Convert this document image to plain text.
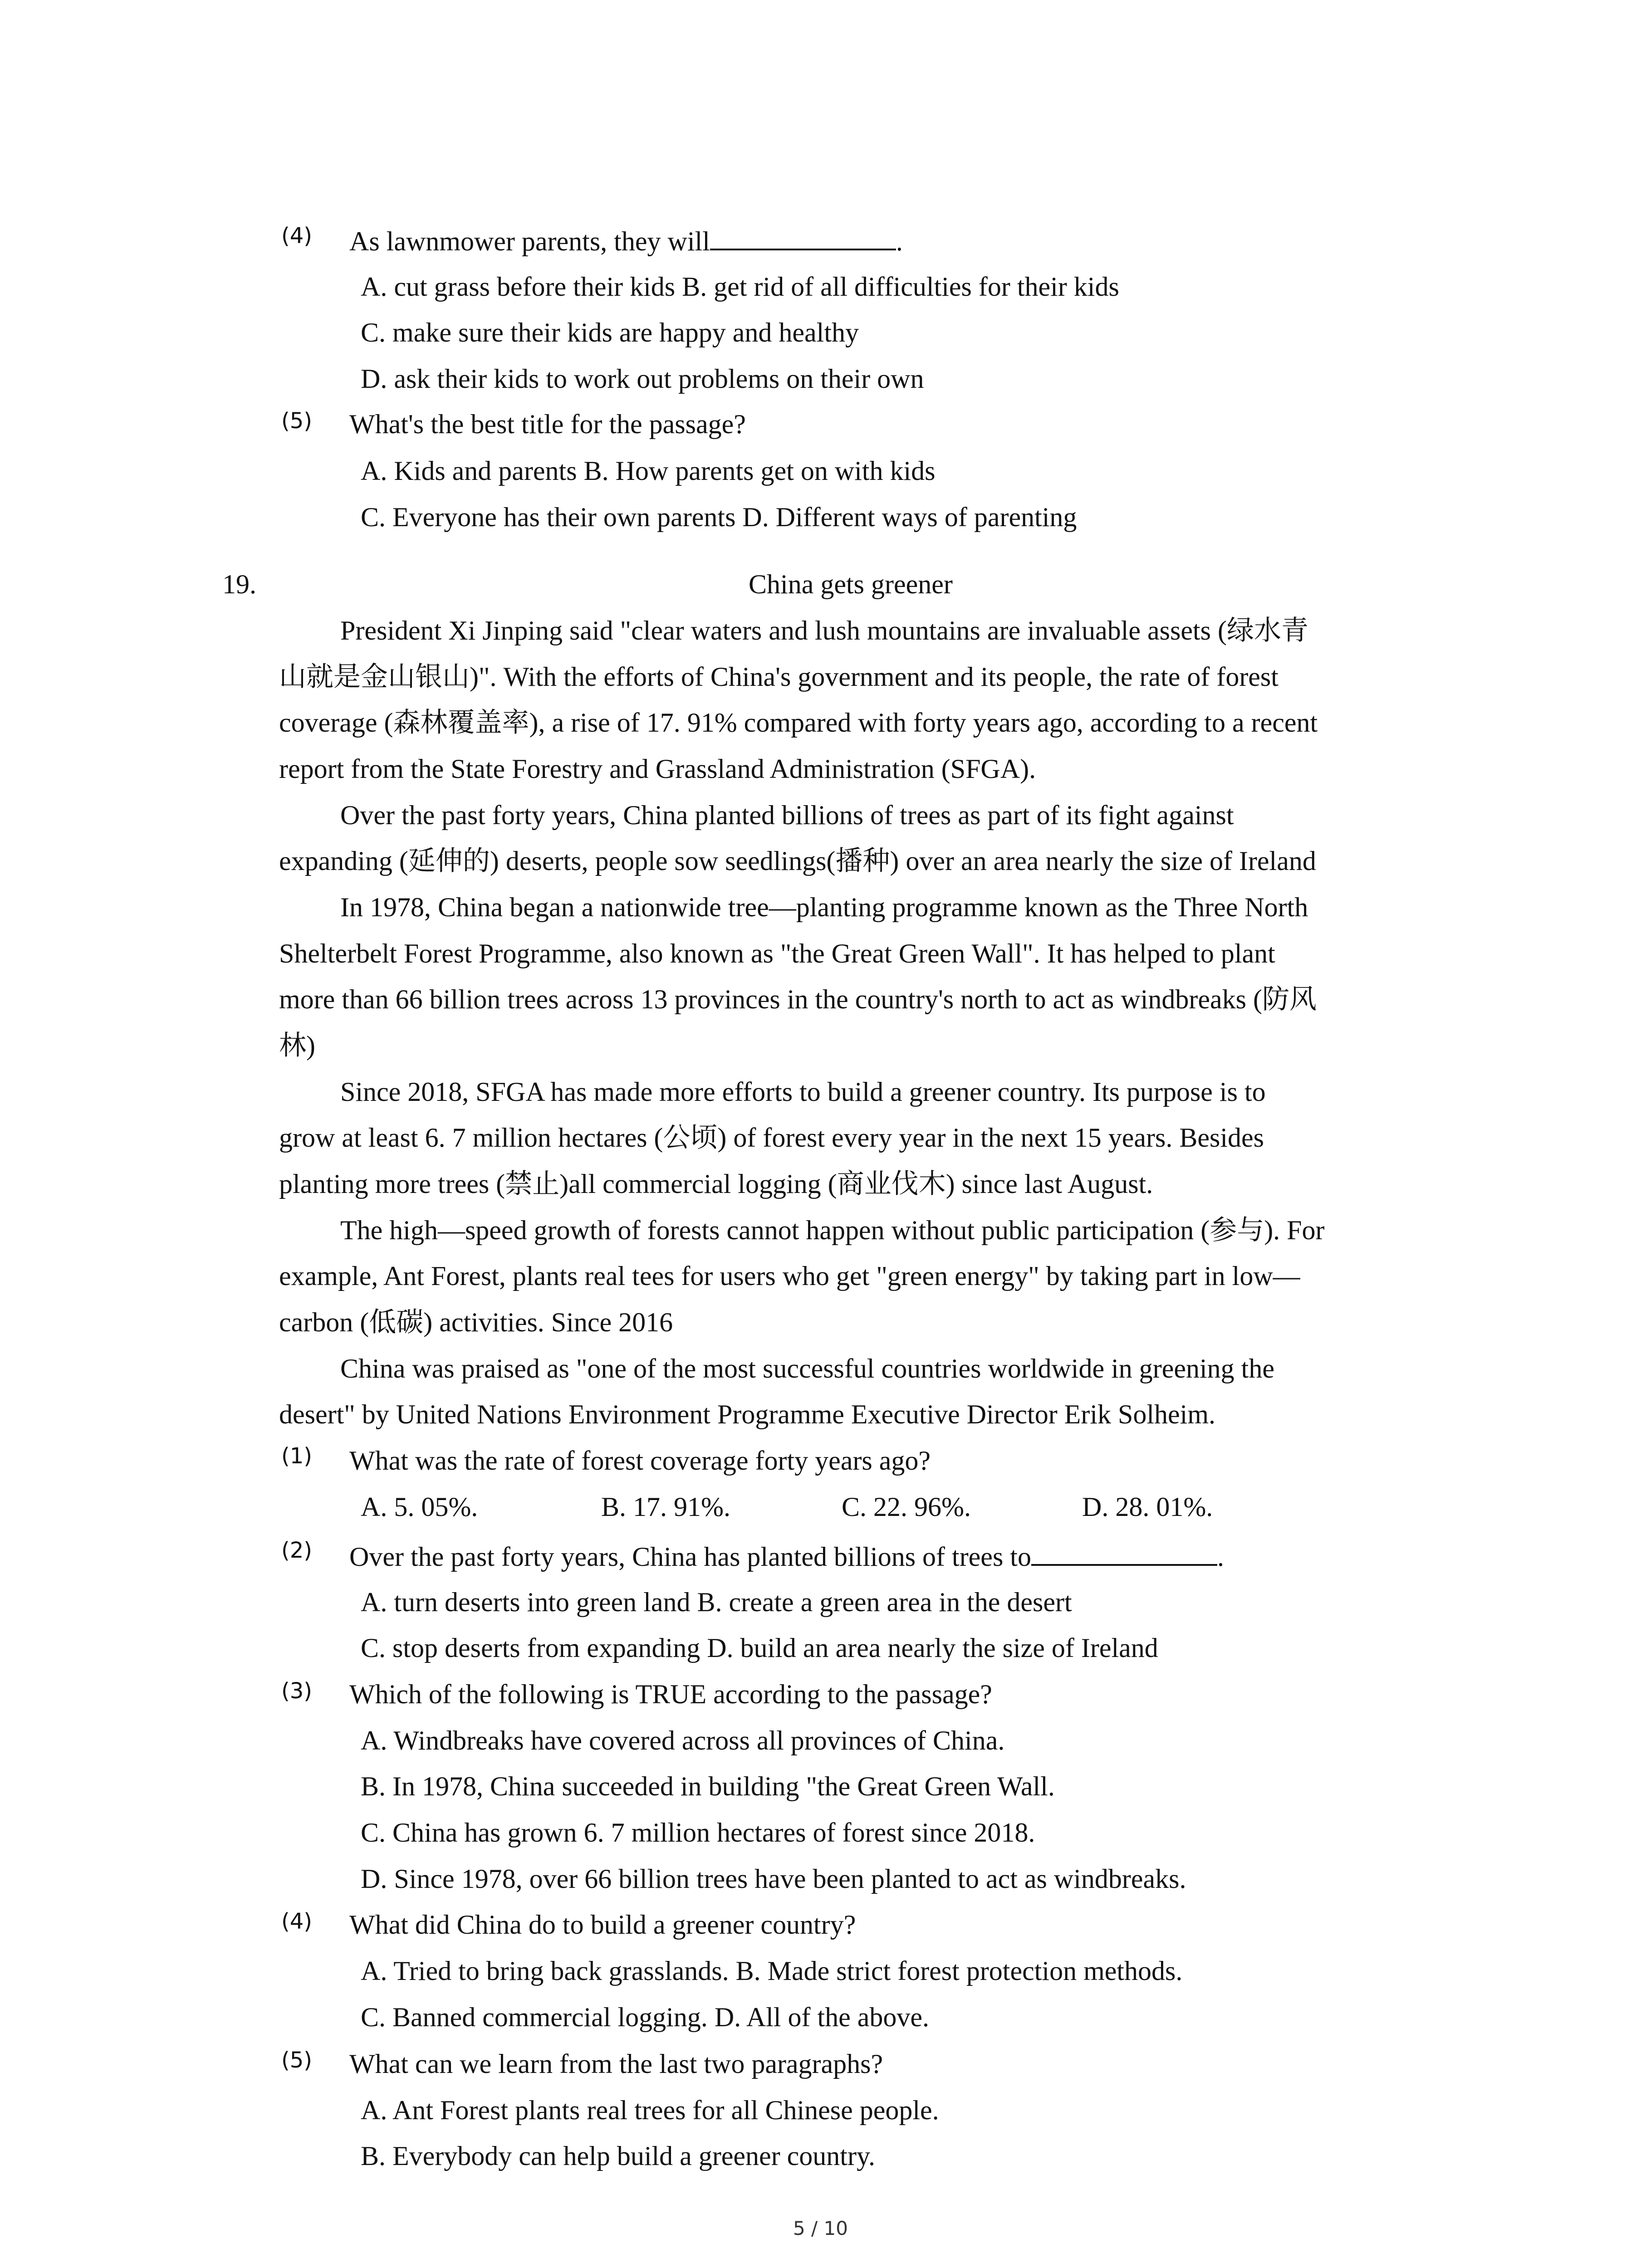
(4) As lawnmower parents, they will	.
A. cut grass before their kids B. get rid of all difficulties for their kids
C. make sure their kids are happy and healthy
D. ask their kids to work out problems on their own
(5) What's the best title for the passage?
A. Kids and parents B. How parents get on with kids
C. Everyone has their own parents D. Different ways of parenting
19.	China gets greener
President Xi Jinping said "clear waters and lush mountains are invaluable assets (绿水青
山就是金山银山)". With the efforts of China's government and its people, the rate of forest
coverage (森林覆盖率), a rise of 17. 91% compared with forty years ago, according to a recent
report from the State Forestry and Grassland Administration (SFGA).
Over the past forty years, China planted billions of trees as part of its fight against
expanding (延伸的) deserts, people sow seedlings(播种) over an area nearly the size of Ireland
In 1978, China began a nationwide tree—planting programme known as the Three North
Shelterbelt Forest Programme, also known as "the Great Green Wall". It has helped to plant
more than 66 billion trees across 13 provinces in the country's north to act as windbreaks (防风
林)
Since 2018, SFGA has made more efforts to build a greener country. Its purpose is to
grow at least 6. 7 million hectares (公顷) of forest every year in the next 15 years. Besides
planting more trees (禁止)all commercial logging (商业伐木) since last August.
The high—speed growth of forests cannot happen without public participation (参与). For
example, Ant Forest, plants real tees for users who get "green energy" by taking part in low—
carbon (低碳) activities. Since 2016
China was praised as "one of the most successful countries worldwide in greening the
desert" by United Nations Environment Programme Executive Director Erik Solheim.
(1) What was the rate of forest coverage forty years ago?
A. 5. 05%.	B. 17. 91%.	C. 22. 96%.	D. 28. 01%.
(2) Over the past forty years, China has planted billions of trees to	.
A. turn deserts into green land B. create a green area in the desert
C. stop deserts from expanding D. build an area nearly the size of Ireland
(3) Which of the following is TRUE according to the passage?
A. Windbreaks have covered across all provinces of China.
B. In 1978, China succeeded in building "the Great Green Wall.
C. China has grown 6. 7 million hectares of forest since 2018.
D. Since 1978, over 66 billion trees have been planted to act as windbreaks.
(4) What did China do to build a greener country?
A. Tried to bring back grasslands. B. Made strict forest protection methods.
C. Banned commercial logging. D. All of the above.
(5) What can we learn from the last two paragraphs?
A. Ant Forest plants real trees for all Chinese people.
B. Everybody can help build a greener country.
5 / 10
